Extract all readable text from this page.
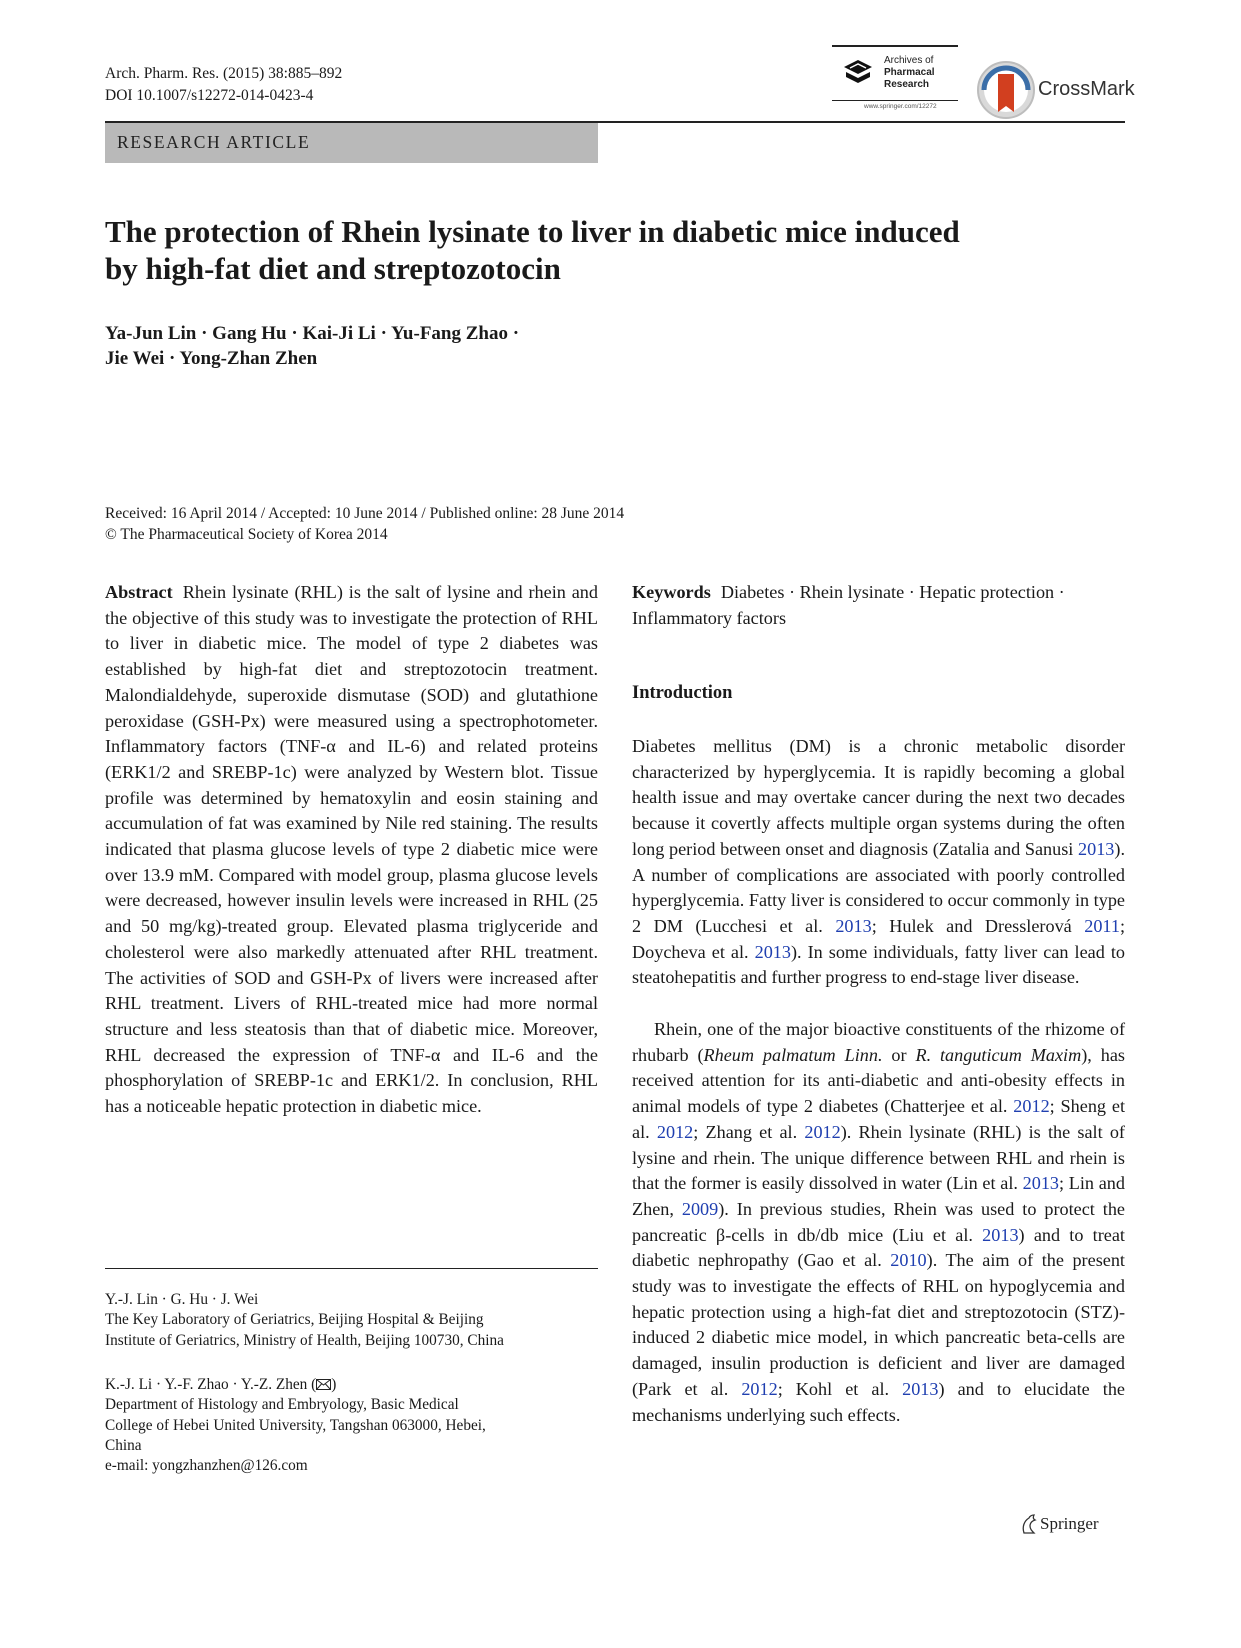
Arch. Pharm. Res. (2015) 38:885–892
DOI 10.1007/s12272-014-0423-4
Archives of
Pharmacal
Research
www.springer.com/12272
CrossMark
RESEARCH ARTICLE
The protection of Rhein lysinate to liver in diabetic mice induced
by high-fat diet and streptozotocin
Ya-Jun Lin · Gang Hu · Kai-Ji Li · Yu-Fang Zhao ·
Jie Wei · Yong-Zhan Zhen
Received: 16 April 2014 / Accepted: 10 June 2014 / Published online: 28 June 2014
© The Pharmaceutical Society of Korea 2014

Abstract Rhein lysinate (RHL) is the salt of lysine and rhein and the objective of this study was to investigate the protection of RHL to liver in diabetic mice. The model of type 2 diabetes was established by high-fat diet and streptozotocin treatment. Malondialdehyde, superoxide dismutase (SOD) and glutathione peroxidase (GSH-Px) were measured using a spectrophotometer. Inflammatory factors (TNF-α and IL-6) and related proteins (ERK1/2 and SREBP-1c) were analyzed by Western blot. Tissue profile was determined by hematoxylin and eosin staining and accumulation of fat was examined by Nile red staining. The results indicated that plasma glucose levels of type 2 diabetic mice were over 13.9 mM. Compared with model group, plasma glucose levels were decreased, however insulin levels were increased in RHL (25 and 50 mg/kg)-treated group. Elevated plasma triglyceride and cholesterol were also markedly attenuated after RHL treatment. The activities of SOD and GSH-Px of livers were increased after RHL treatment. Livers of RHL-treated mice had more normal structure and less steatosis than that of diabetic mice. Moreover, RHL decreased the expression of TNF-α and IL-6 and the phosphorylation of SREBP-1c and ERK1/2. In conclusion, RHL has a noticeable hepatic protection in diabetic mice.

Keywords Diabetes · Rhein lysinate · Hepatic protection · Inflammatory factors

Introduction

Diabetes mellitus (DM) is a chronic metabolic disorder characterized by hyperglycemia. It is rapidly becoming a global health issue and may overtake cancer during the next two decades because it covertly affects multiple organ systems during the often long period between onset and diagnosis (Zatalia and Sanusi 2013). A number of complications are associated with poorly controlled hyperglycemia. Fatty liver is considered to occur commonly in type 2 DM (Lucchesi et al. 2013; Hulek and Dresslerová 2011; Doycheva et al. 2013). In some individuals, fatty liver can lead to steatohepatitis and further progress to end-stage liver disease.

Rhein, one of the major bioactive constituents of the rhizome of rhubarb (Rheum palmatum Linn. or R. tanguticum Maxim), has received attention for its anti-diabetic and anti-obesity effects in animal models of type 2 diabetes (Chatterjee et al. 2012; Sheng et al. 2012; Zhang et al. 2012). Rhein lysinate (RHL) is the salt of lysine and rhein. The unique difference between RHL and rhein is that the former is easily dissolved in water (Lin et al. 2013; Lin and Zhen, 2009). In previous studies, Rhein was used to protect the pancreatic β-cells in db/db mice (Liu et al. 2013) and to treat diabetic nephropathy (Gao et al. 2010). The aim of the present study was to investigate the effects of RHL on hypoglycemia and hepatic protection using a high-fat diet and streptozotocin (STZ)-induced 2 diabetic mice model, in which pancreatic beta-cells are damaged, insulin production is deficient and liver are damaged (Park et al. 2012; Kohl et al. 2013) and to elucidate the mechanisms underlying such effects.

Y.-J. Lin · G. Hu · J. Wei
The Key Laboratory of Geriatrics, Beijing Hospital & Beijing
Institute of Geriatrics, Ministry of Health, Beijing 100730, China
K.-J. Li · Y.-F. Zhao · Y.-Z. Zhen ( )
Department of Histology and Embryology, Basic Medical
College of Hebei United University, Tangshan 063000, Hebei,
China
e-mail: yongzhanzhen@126.com
Springer
